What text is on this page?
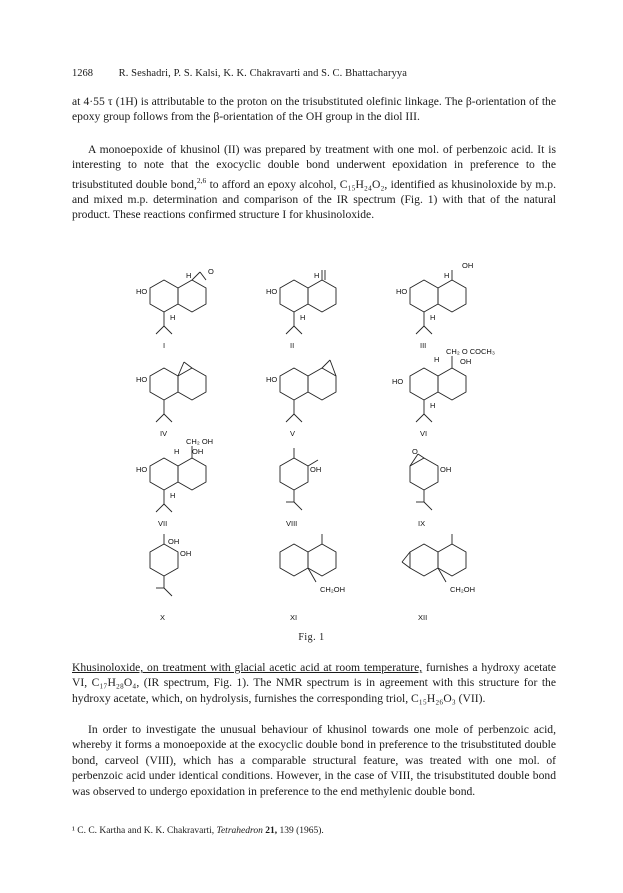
1268 R. Seshadri, P. S. Kalsi, K. K. Chakravarti and S. C. Bhattacharyya
at 4·55 τ (1H) is attributable to the proton on the trisubstituted olefinic linkage. The β-orientation of the epoxy group follows from the β-orientation of the OH group in the diol III.
A monoepoxide of khusinol (II) was prepared by treatment with one mol. of perbenzoic acid. It is interesting to note that the exocyclic double bond underwent epoxidation in preference to the trisubstituted double bond,$^{2,6}$ to afford an epoxy alcohol, C₁₅H₂₄O₂, identified as khusinoloxide by m.p. and mixed m.p. determination and comparison of the IR spectrum (Fig. 1) with that of the natural product. These reactions confirmed structure I for khusinoloxide.
HO
H O
H
HO
H
H
HO
H
OH
H
HO	HO
CH₂ O COCH₃
H	OH
HO
H
CH₂ OH
H OH
HO
H
OH
O
OH
OH
OH
CH₂OH	CH₂OH
I	II	III
IV	V	VI
VII	VIII	IX
X	XI	XII
Fig. 1
Khusinoloxide, on treatment with glacial acetic acid at room temperature, furnishes a hydroxy acetate VI, C₁₇H₂₈O₄, (IR spectrum, Fig. 1). The NMR spectrum is in agreement with this structure for the hydroxy acetate, which, on hydrolysis, furnishes the corresponding triol, C₁₅H₂₆O₃ (VII).
In order to investigate the unusual behaviour of khusinol towards one mole of perbenzoic acid, whereby it forms a monoepoxide at the exocyclic double bond in preference to the trisubstituted double bond, carveol (VIII), which has a comparable structural feature, was treated with one mol. of perbenzoic acid under identical conditions. However, in the case of VIII, the trisubstituted double bond was observed to undergo epoxidation in preference to the end methylenic double bond.
¹ C. C. Kartha and K. K. Chakravarti, Tetrahedron 21, 139 (1965).
